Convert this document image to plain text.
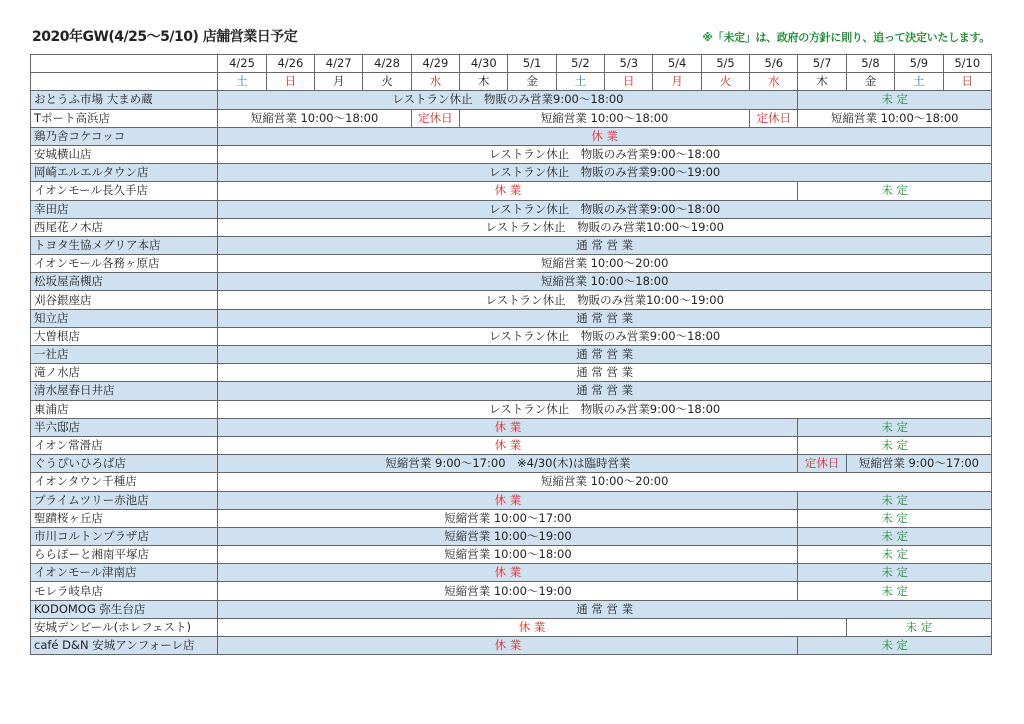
2020年GW(4/25〜5/10) 店舗営業日予定	※「未定」は、政府の方針に則り、追って決定いたします。
	4/25	4/26	4/27	4/28	4/29	4/30	5/1	5/2	5/3	5/4	5/5	5/6	5/7	5/8	5/9	5/10
	土	日	月	火	水	木	金	土	日	月	火	水	木	金	土	日
おとうふ市場 大まめ蔵	レストラン休止　物販のみ営業9:00〜18:00												未 定			
Tポート高浜店	短縮営業 10:00〜18:00				定休日	短縮営業 10:00〜18:00						定休日	短縮営業 10:00〜18:00			
鶏乃舎コケコッコ	休 業															
安城横山店	レストラン休止　物販のみ営業9:00〜18:00															
岡崎エルエルタウン店	レストラン休止　物販のみ営業9:00〜19:00															
イオンモール長久手店	休 業												未 定			
幸田店	レストラン休止　物販のみ営業9:00〜18:00															
西尾花ノ木店	レストラン休止　物販のみ営業10:00〜19:00															
トヨタ生協メグリア本店	通 常 営 業															
イオンモール各務ヶ原店	短縮営業 10:00〜20:00															
松坂屋高槻店	短縮営業 10:00〜18:00															
刈谷銀座店	レストラン休止　物販のみ営業10:00〜19:00															
知立店	通 常 営 業															
大曽根店	レストラン休止　物販のみ営業9:00〜18:00															
一社店	通 常 営 業															
滝ノ水店	通 常 営 業															
清水屋春日井店	通 常 営 業															
東浦店	レストラン休止　物販のみ営業9:00〜18:00															
半六邸店	休 業												未 定			
イオン常滑店	休 業												未 定			
ぐうぴいひろば店	短縮営業 9:00〜17:00　※4/30(木)は臨時営業												定休日	短縮営業 9:00〜17:00		
イオンタウン千種店	短縮営業 10:00〜20:00															
プライムツリー赤池店	休 業												未 定			
聖蹟桜ヶ丘店	短縮営業 10:00〜17:00												未 定			
市川コルトンプラザ店	短縮営業 10:00〜19:00												未 定			
ららぽーと湘南平塚店	短縮営業 10:00〜18:00												未 定			
イオンモール津南店	休 業												未 定			
モレラ岐阜店	短縮営業 10:00〜19:00												未 定			
KODOMOG 弥生台店	通 常 営 業															
安城デンビール(ホレフェスト)	休 業													未 定		
café D&N 安城アンフォーレ店	休 業												未 定			
